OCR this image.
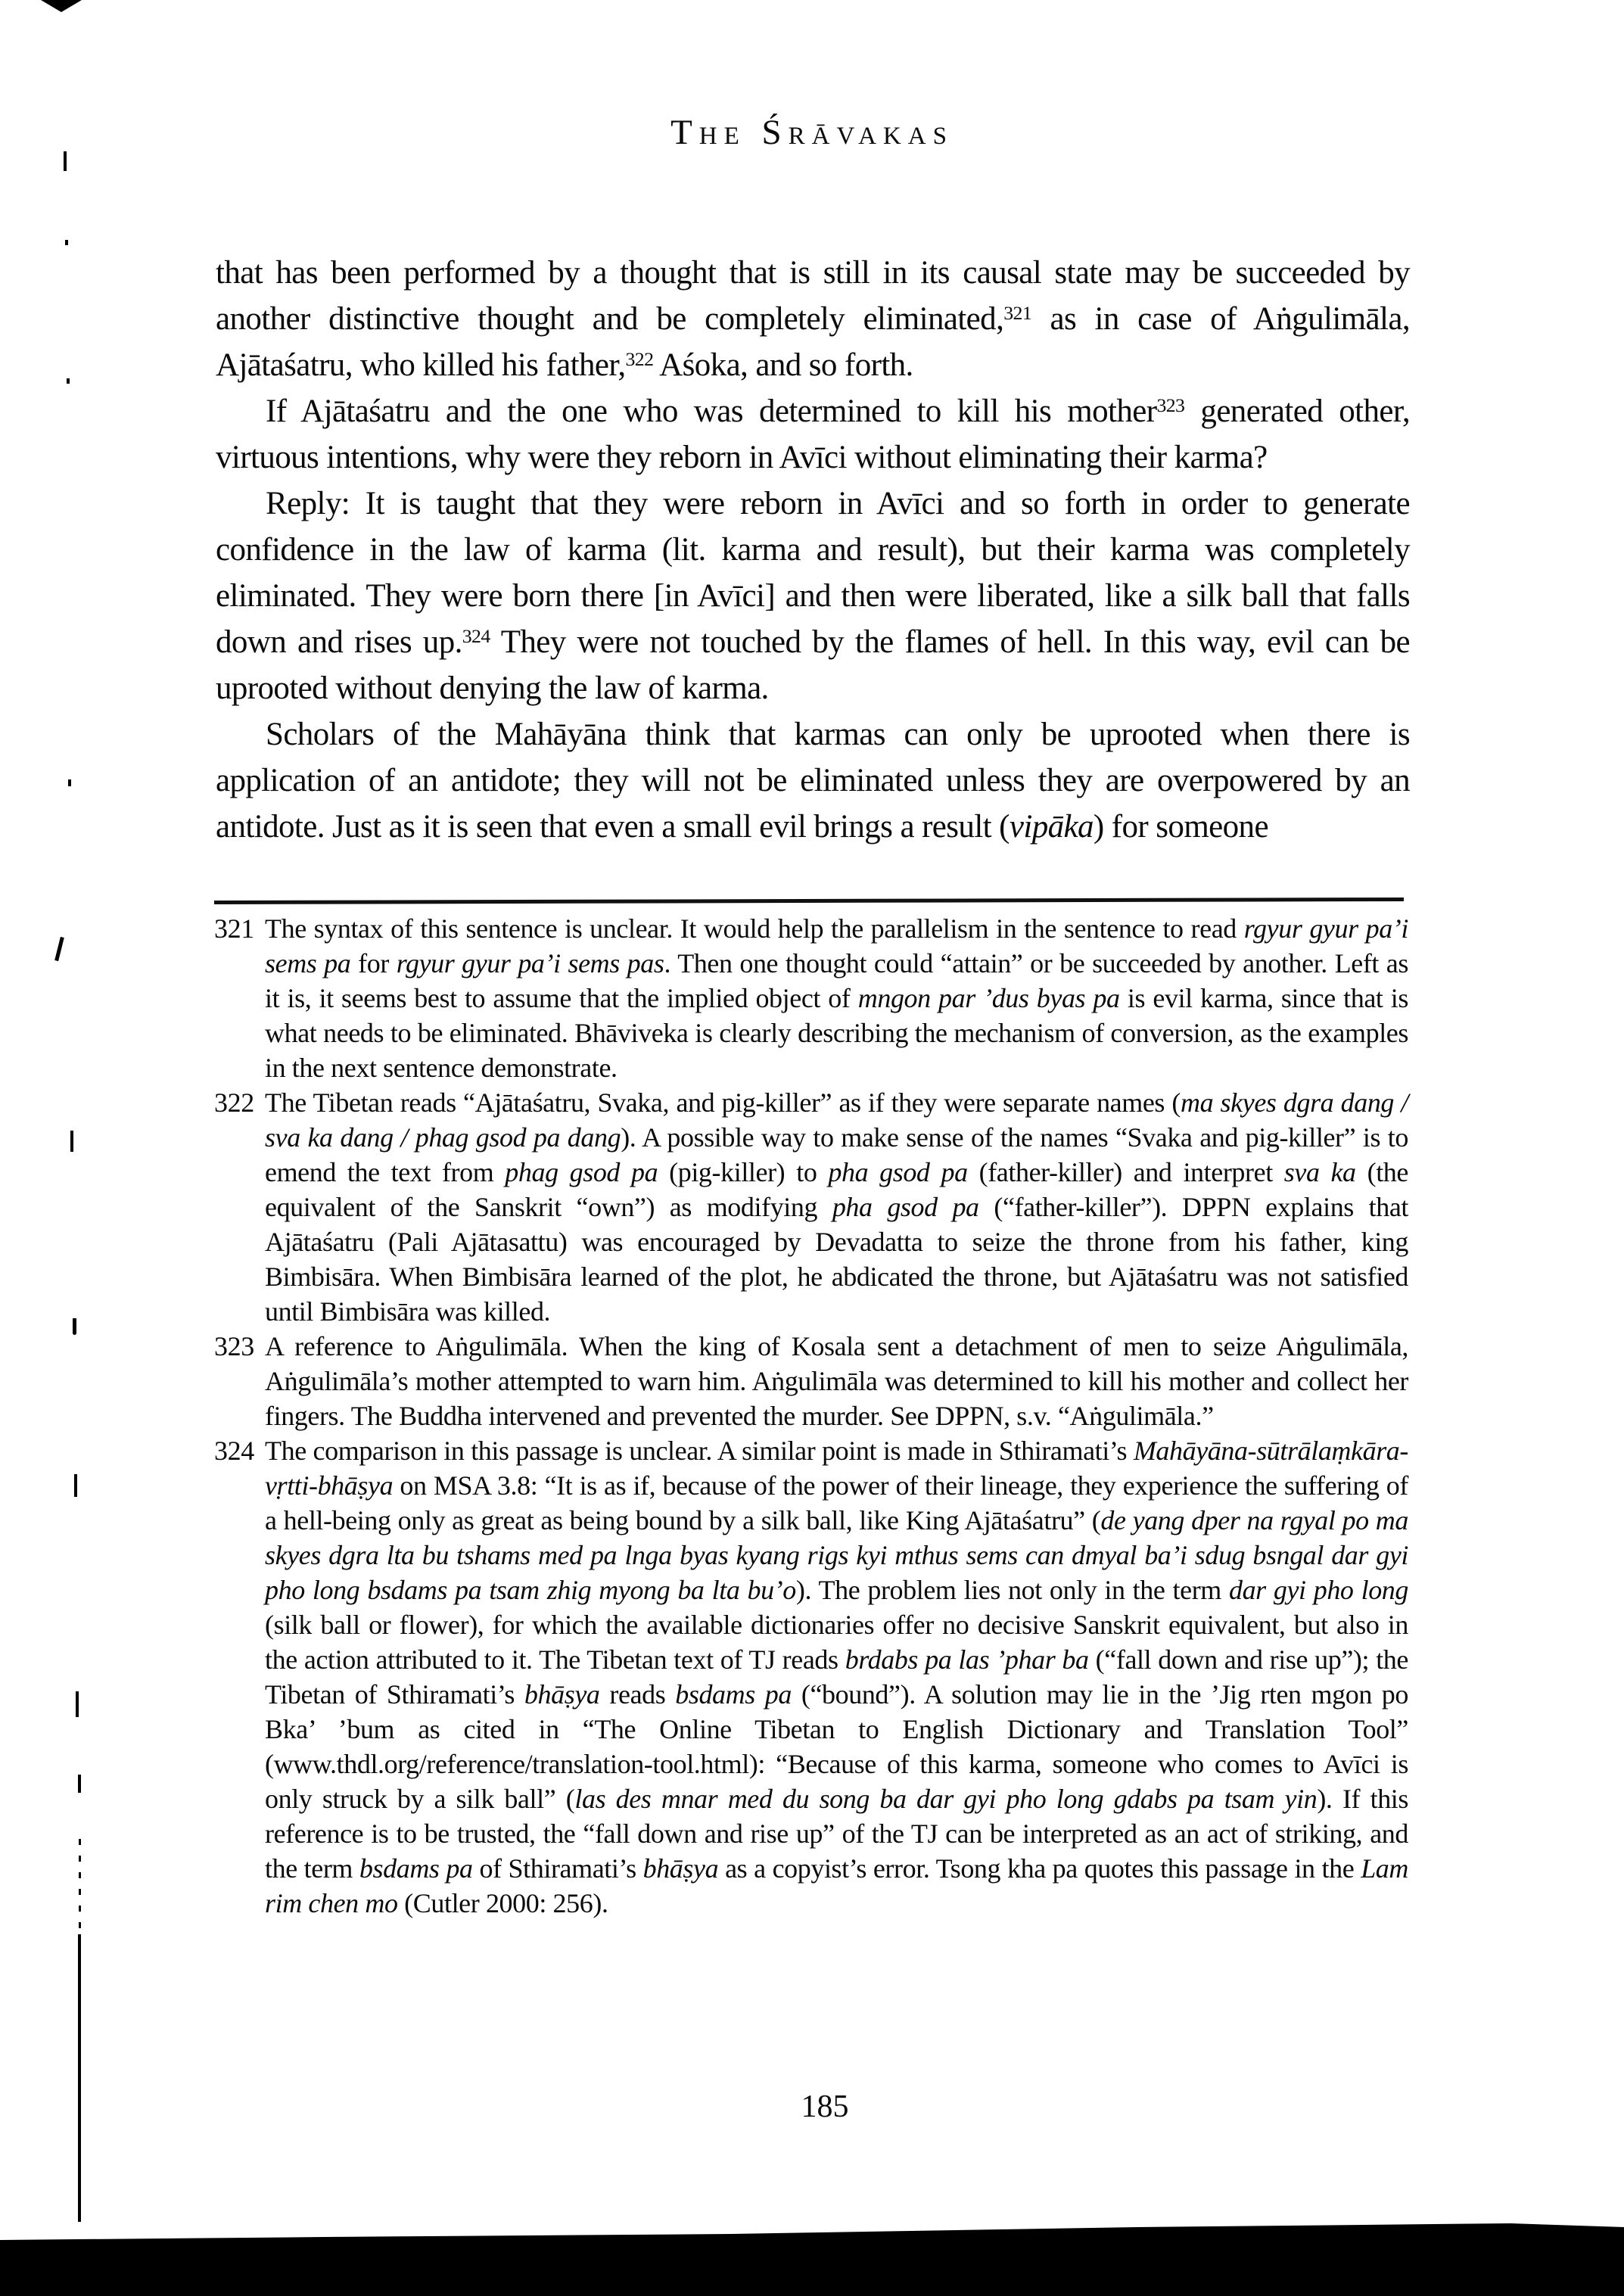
The Śrāvakas

that has been performed by a thought that is still in its causal state may be succeeded by another distinctive thought and be completely eliminated,$^{321}$ as in case of Aṅgulimāla, Ajātaśatru, who killed his father,$^{322}$ Aśoka, and so forth.

If Ajātaśatru and the one who was determined to kill his mother$^{323}$ generated other, virtuous intentions, why were they reborn in Avīci without eliminating their karma?

Reply: It is taught that they were reborn in Avīci and so forth in order to generate confidence in the law of karma (lit. karma and result), but their karma was completely eliminated. They were born there [in Avīci] and then were liberated, like a silk ball that falls down and rises up.$^{324}$ They were not touched by the flames of hell. In this way, evil can be uprooted without denying the law of karma.

Scholars of the Mahāyāna think that karmas can only be uprooted when there is application of an antidote; they will not be eliminated unless they are overpowered by an antidote. Just as it is seen that even a small evil brings a result (vipāka) for someone

321 The syntax of this sentence is unclear. It would help the parallelism in the sentence to read rgyur gyur pa’i sems pa for rgyur gyur pa’i sems pas. Then one thought could “attain” or be succeeded by another. Left as it is, it seems best to assume that the implied object of mngon par ’dus byas pa is evil karma, since that is what needs to be eliminated. Bhāviveka is clearly describing the mechanism of conversion, as the examples in the next sentence demonstrate.
322 The Tibetan reads “Ajātaśatru, Svaka, and pig-killer” as if they were separate names (ma skyes dgra dang / sva ka dang / phag gsod pa dang). A possible way to make sense of the names “Svaka and pig-killer” is to emend the text from phag gsod pa (pig-killer) to pha gsod pa (father-killer) and interpret sva ka (the equivalent of the Sanskrit “own”) as modifying pha gsod pa (“father-killer”). DPPN explains that Ajātaśatru (Pali Ajātasattu) was encouraged by Devadatta to seize the throne from his father, king Bimbisāra. When Bimbisāra learned of the plot, he abdicated the throne, but Ajātaśatru was not satisfied until Bimbisāra was killed.
323 A reference to Aṅgulimāla. When the king of Kosala sent a detachment of men to seize Aṅgulimāla, Aṅgulimāla’s mother attempted to warn him. Aṅgulimāla was determined to kill his mother and collect her fingers. The Buddha intervened and prevented the murder. See DPPN, s.v. “Aṅgulimāla.”
324 The comparison in this passage is unclear. A similar point is made in Sthiramati’s Mahāyāna-sūtrālaṃkāra-vṛtti-bhāṣya on MSA 3.8: “It is as if, because of the power of their lineage, they experience the suffering of a hell-being only as great as being bound by a silk ball, like King Ajātaśatru” (de yang dper na rgyal po ma skyes dgra lta bu tshams med pa lnga byas kyang rigs kyi mthus sems can dmyal ba’i sdug bsngal dar gyi pho long bsdams pa tsam zhig myong ba lta bu’o). The problem lies not only in the term dar gyi pho long (silk ball or flower), for which the available dictionaries offer no decisive Sanskrit equivalent, but also in the action attributed to it. The Tibetan text of TJ reads brdabs pa las ’phar ba (“fall down and rise up”); the Tibetan of Sthiramati’s bhāṣya reads bsdams pa (“bound”). A solution may lie in the ’Jig rten mgon po Bka’ ’bum as cited in “The Online Tibetan to English Dictionary and Translation Tool” (www.thdl.org/reference/translation-tool.html): “Because of this karma, someone who comes to Avīci is only struck by a silk ball” (las des mnar med du song ba dar gyi pho long gdabs pa tsam yin). If this reference is to be trusted, the “fall down and rise up” of the TJ can be interpreted as an act of striking, and the term bsdams pa of Sthiramati’s bhāṣya as a copyist’s error. Tsong kha pa quotes this passage in the Lam rim chen mo (Cutler 2000: 256).
185
